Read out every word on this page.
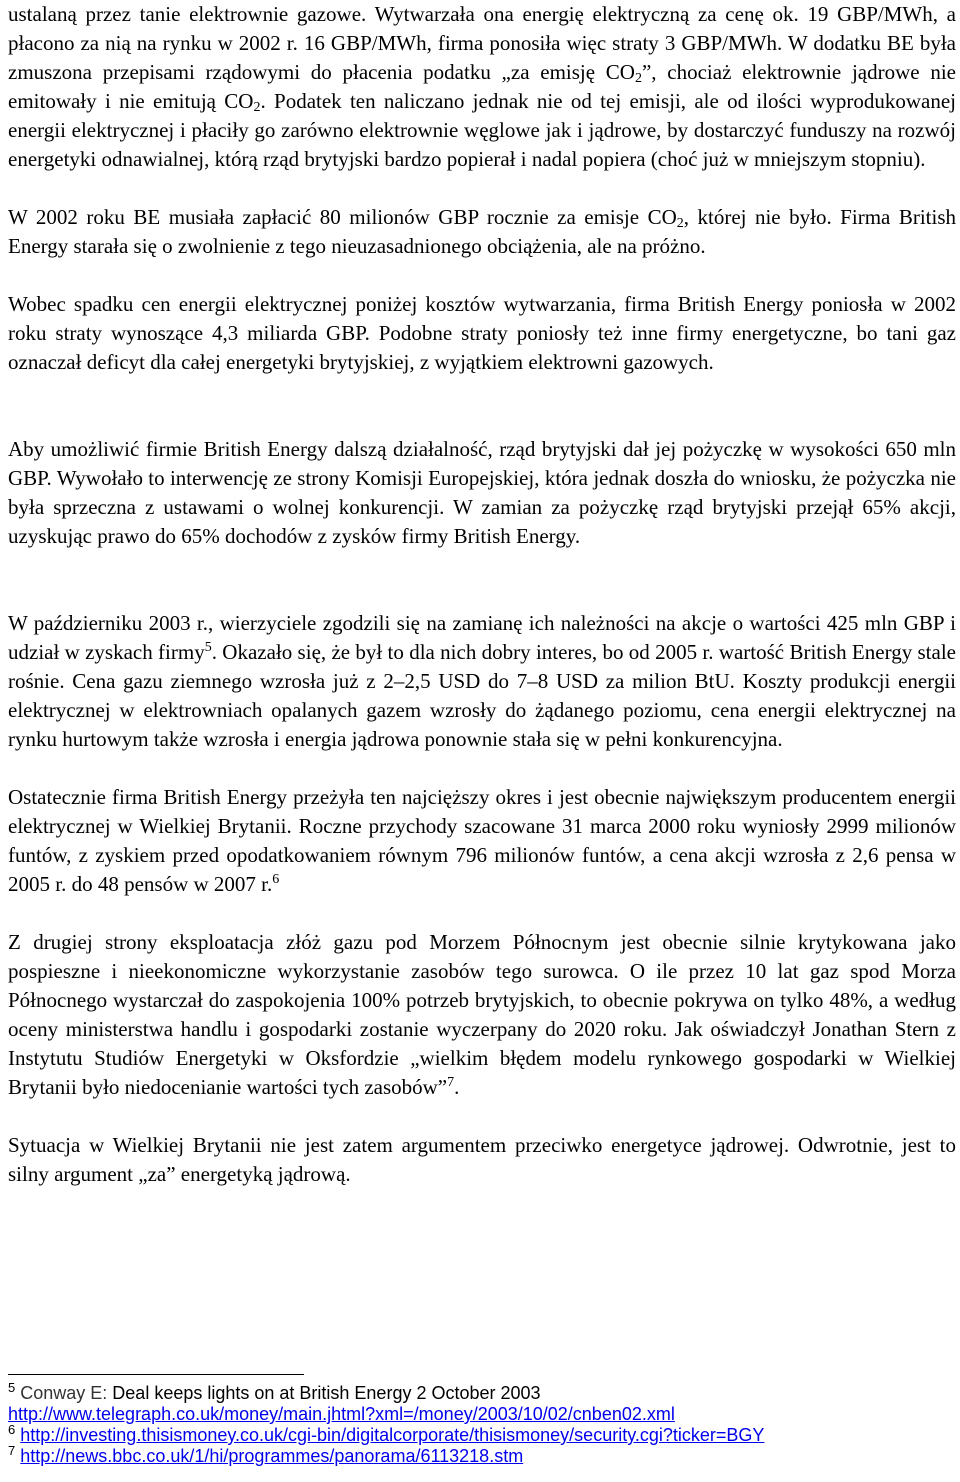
ustalaną przez tanie elektrownie gazowe. Wytwarzała ona energię elektryczną za cenę ok. 19 GBP/MWh, a płacono za nią na rynku w 2002 r. 16 GBP/MWh, firma ponosiła więc straty 3 GBP/MWh. W dodatku BE była zmuszona przepisami rządowymi do płacenia podatku „za emisję $CO_2$”, chociaż elektrownie jądrowe nie emitowały i nie emitują $CO_2$. Podatek ten naliczano jednak nie od tej emisji, ale od ilości wyprodukowanej energii elektrycznej i płaciły go zarówno elektrownie węglowe jak i jądrowe, by dostarczyć funduszy na rozwój energetyki odnawialnej, którą rząd brytyjski bardzo popierał i nadal popiera (choć już w mniejszym stopniu).

W 2002 roku BE musiała zapłacić 80 milionów GBP rocznie za emisje $CO_2$, której nie było. Firma British Energy starała się o zwolnienie z tego nieuzasadnionego obciążenia, ale na próżno.

Wobec spadku cen energii elektrycznej poniżej kosztów wytwarzania, firma British Energy poniosła w 2002 roku straty wynoszące 4,3 miliarda GBP. Podobne straty poniosły też inne firmy energetyczne, bo tani gaz oznaczał deficyt dla całej energetyki brytyjskiej, z wyjątkiem elektrowni gazowych.

Aby umożliwić firmie British Energy dalszą działalność, rząd brytyjski dał jej pożyczkę w wysokości 650 mln GBP. Wywołało to interwencję ze strony Komisji Europejskiej, która jednak doszła do wniosku, że pożyczka nie była sprzeczna z ustawami o wolnej konkurencji. W zamian za pożyczkę rząd brytyjski przejął 65% akcji, uzyskując prawo do 65% dochodów z zysków firmy British Energy.

W październiku 2003 r., wierzyciele zgodzili się na zamianę ich należności na akcje o wartości 425 mln GBP i udział w zyskach firmy$^5$. Okazało się, że był to dla nich dobry interes, bo od 2005 r. wartość British Energy stale rośnie. Cena gazu ziemnego wzrosła już z 2–2,5 USD do 7–8 USD za milion BtU. Koszty produkcji energii elektrycznej w elektrowniach opalanych gazem wzrosły do żądanego poziomu, cena energii elektrycznej na rynku hurtowym także wzrosła i energia jądrowa ponownie stała się w pełni konkurencyjna.

Ostatecznie firma British Energy przeżyła ten najcięższy okres i jest obecnie największym producentem energii elektrycznej w Wielkiej Brytanii. Roczne przychody szacowane 31 marca 2000 roku wyniosły 2999 milionów funtów, z zyskiem przed opodatkowaniem równym 796 milionów funtów, a cena akcji wzrosła z 2,6 pensa w 2005 r. do 48 pensów w 2007 r.$^6$

Z drugiej strony eksploatacja złóż gazu pod Morzem Północnym jest obecnie silnie krytykowana jako pospieszne i nieekonomiczne wykorzystanie zasobów tego surowca. O ile przez 10 lat gaz spod Morza Północnego wystarczał do zaspokojenia 100% potrzeb brytyjskich, to obecnie pokrywa on tylko 48%, a według oceny ministerstwa handlu i gospodarki zostanie wyczerpany do 2020 roku. Jak oświadczył Jonathan Stern z Instytutu Studiów Energetyki w Oksfordzie „wielkim błędem modelu rynkowego gospodarki w Wielkiej Brytanii było niedocenianie wartości tych zasobów”$^7$.

Sytuacja w Wielkiej Brytanii nie jest zatem argumentem przeciwko energetyce jądrowej. Odwrotnie, jest to silny argument „za” energetyką jądrową.

$^5$ Conway E: Deal keeps lights on at British Energy 2 October 2003
http://www.telegraph.co.uk/money/main.jhtml?xml=/money/2003/10/02/cnben02.xml
$^6$ http://investing.thisismoney.co.uk/cgi-bin/digitalcorporate/thisismoney/security.cgi?ticker=BGY
$^7$ http://news.bbc.co.uk/1/hi/programmes/panorama/6113218.stm
